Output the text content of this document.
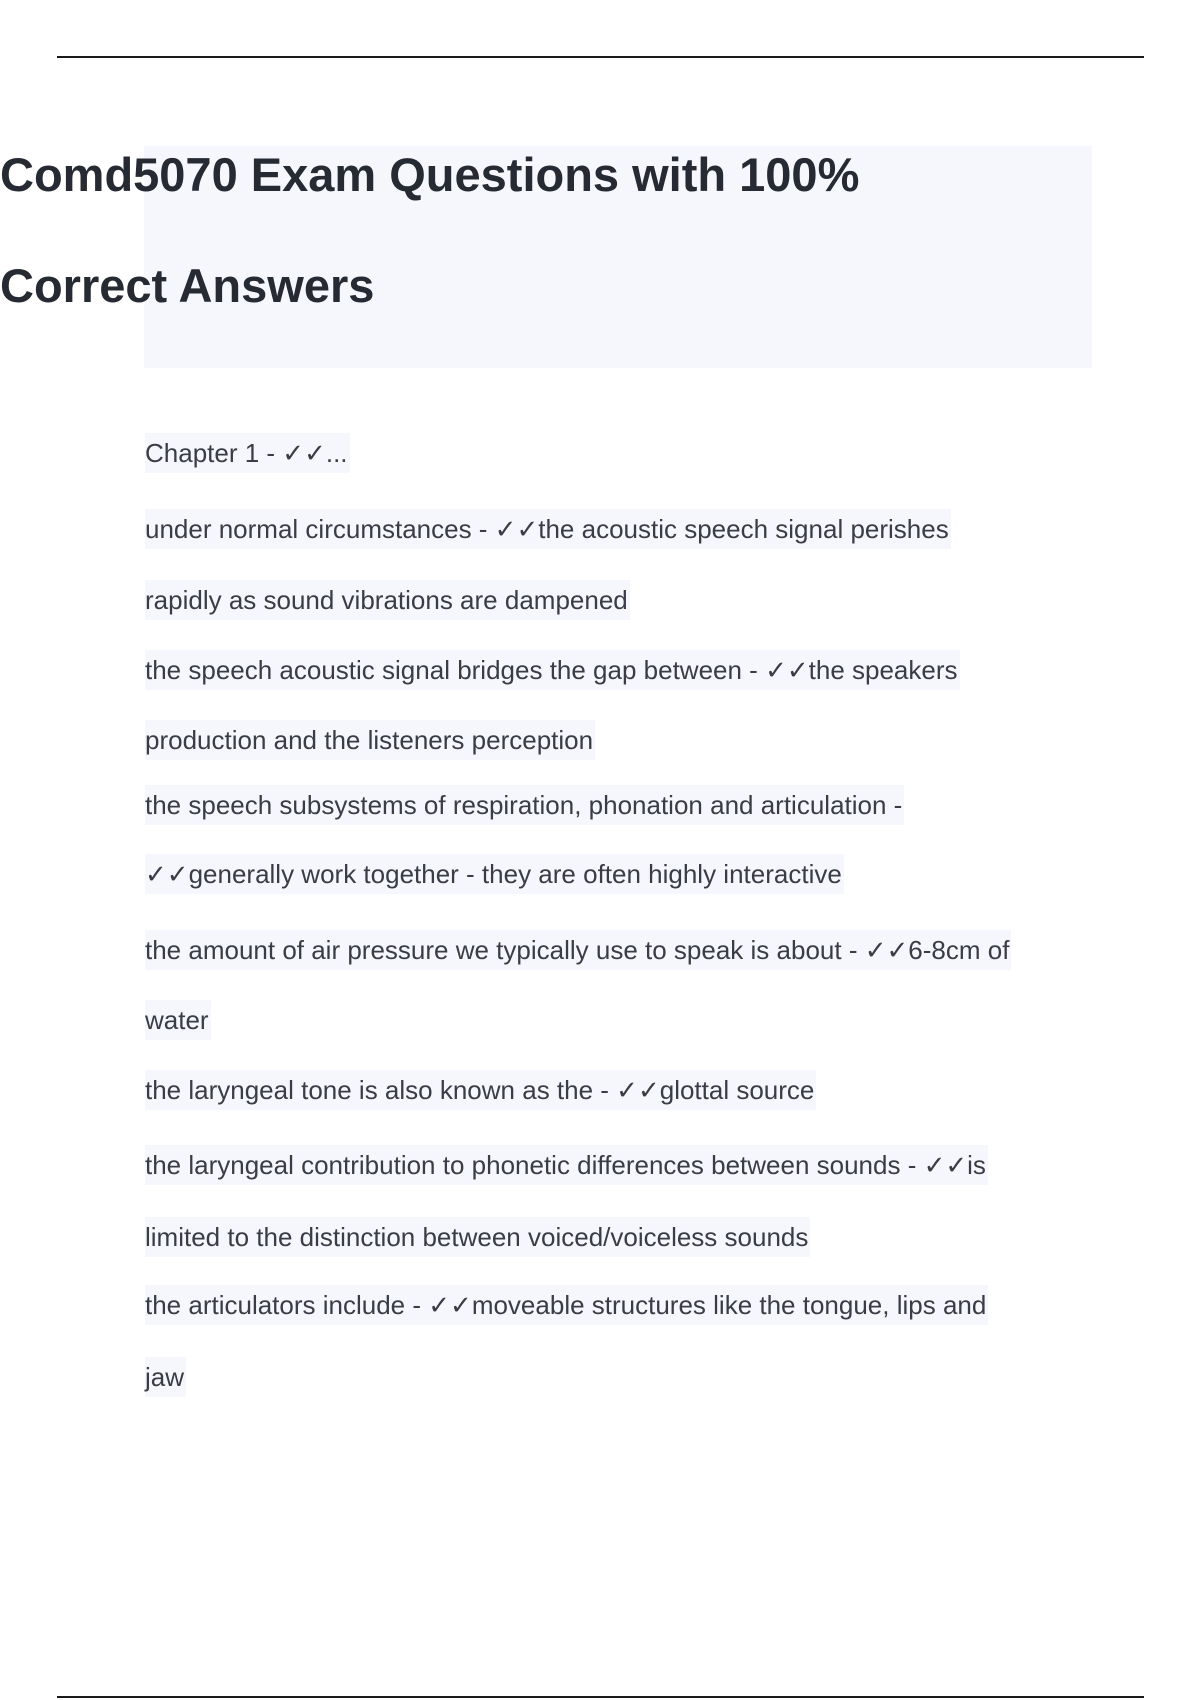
Comd5070 Exam Questions with 100%
Correct Answers
Chapter 1 - ✓✓...
under normal circumstances - ✓✓the acoustic speech signal perishes
rapidly as sound vibrations are dampened
the speech acoustic signal bridges the gap between - ✓✓the speakers
production and the listeners perception
the speech subsystems of respiration, phonation and articulation -
✓✓generally work together - they are often highly interactive
the amount of air pressure we typically use to speak is about - ✓✓6-8cm of
water
the laryngeal tone is also known as the - ✓✓glottal source
the laryngeal contribution to phonetic differences between sounds - ✓✓is
limited to the distinction between voiced/voiceless sounds
the articulators include - ✓✓moveable structures like the tongue, lips and
jaw
